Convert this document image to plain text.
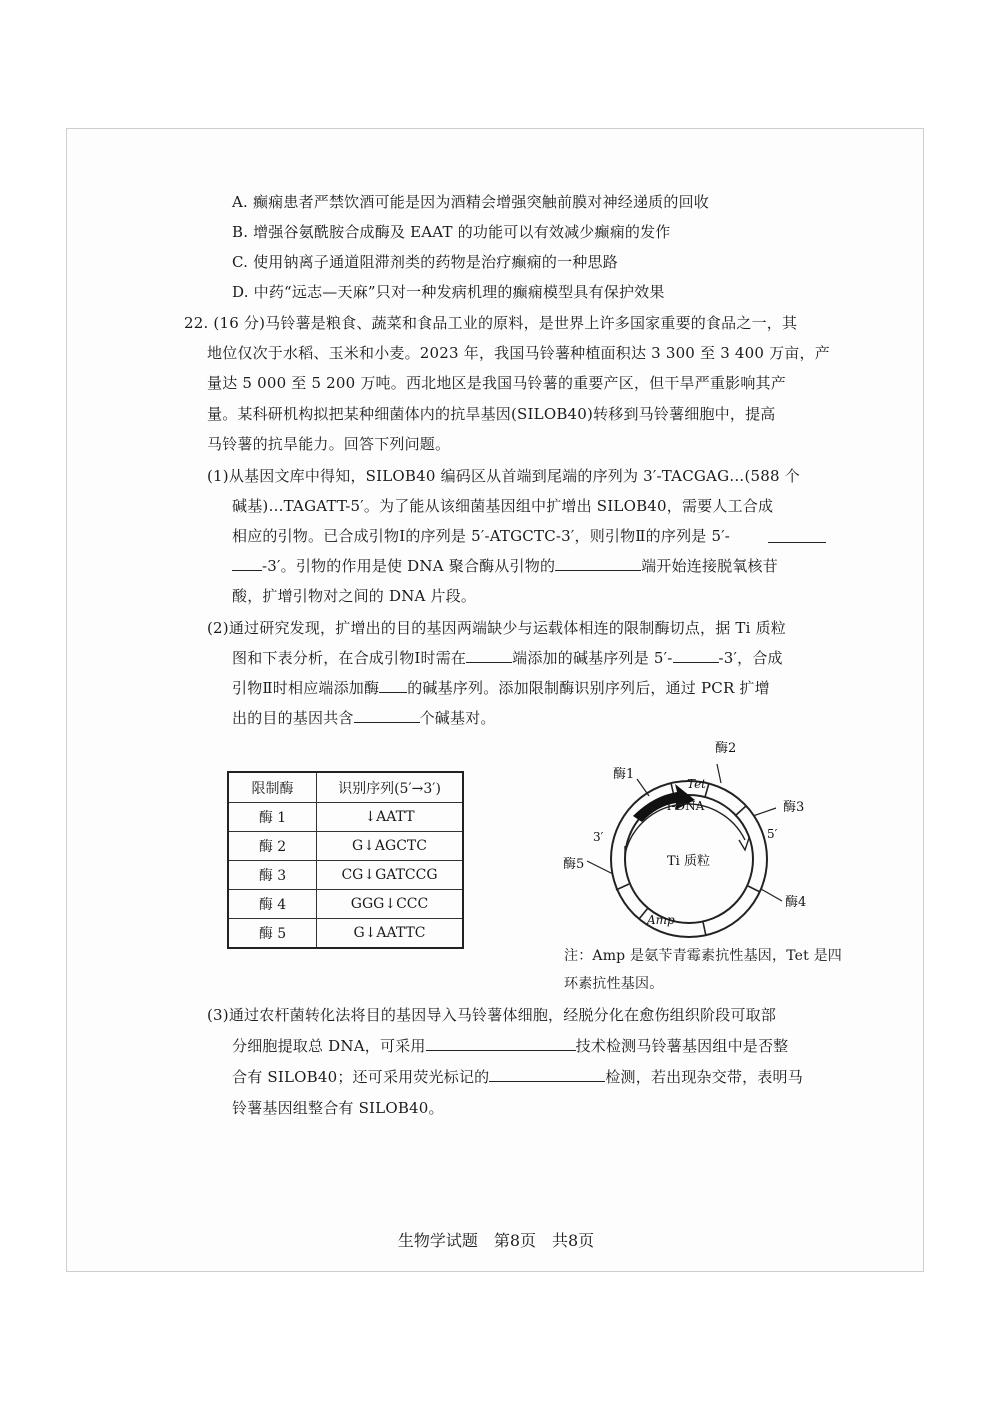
A. 癫痫患者严禁饮酒可能是因为酒精会增强突触前膜对神经递质的回收
B. 增强谷氨酰胺合成酶及 EAAT 的功能可以有效减少癫痫的发作
C. 使用钠离子通道阻滞剂类的药物是治疗癫痫的一种思路
D. 中药“远志—天麻”只对一种发病机理的癫痫模型具有保护效果
22. (16 分)马铃薯是粮食、蔬菜和食品工业的原料，是世界上许多国家重要的食品之一，其
地位仅次于水稻、玉米和小麦。2023 年，我国马铃薯种植面积达 3 300 至 3 400 万亩，产
量达 5 000 至 5 200 万吨。西北地区是我国马铃薯的重要产区，但干旱严重影响其产
量。某科研机构拟把某种细菌体内的抗旱基因(SILOB40)转移到马铃薯细胞中，提高
马铃薯的抗旱能力。回答下列问题。
(1)从基因文库中得知，SILOB40 编码区从首端到尾端的序列为 3′-TACGAG…(588 个
碱基)…TAGATT-5′。为了能从该细菌基因组中扩增出 SILOB40，需要人工合成
相应的引物。已合成引物Ⅰ的序列是 5′-ATGCTC-3′，则引物Ⅱ的序列是 5′-
-3′。引物的作用是使 DNA 聚合酶从引物的	端开始连接脱氧核苷
酸，扩增引物对之间的 DNA 片段。
(2)通过研究发现，扩增出的目的基因两端缺少与运载体相连的限制酶切点，据 Ti 质粒
图和下表分析，在合成引物Ⅰ时需在	端添加的碱基序列是 5′-	-3′，合成
引物Ⅱ时相应端添加酶 的碱基序列。添加限制酶识别序列后，通过 PCR 扩增
出的目的基因共含	个碱基对。
限制酶	识别序列(5′→3′)
酶 1	↓AATT
酶 2	G↓AGCTC
酶 3	CG↓GATCCG
酶 4	GGG↓CCC
酶 5	G↓AATTC
酶1
酶2
酶3
酶4
酶5
Tet
T-DNA
Ti 质粒
Amp
3′	5′
注：Amp 是氨苄青霉素抗性基因，Tet 是四
环素抗性基因。
(3)通过农杆菌转化法将目的基因导入马铃薯体细胞，经脱分化在愈伤组织阶段可取部
分细胞提取总 DNA，可采用	技术检测马铃薯基因组中是否整
合有 SILOB40；还可采用荧光标记的	检测，若出现杂交带，表明马
铃薯基因组整合有 SILOB40。
生物学试题　第8页　共8页
